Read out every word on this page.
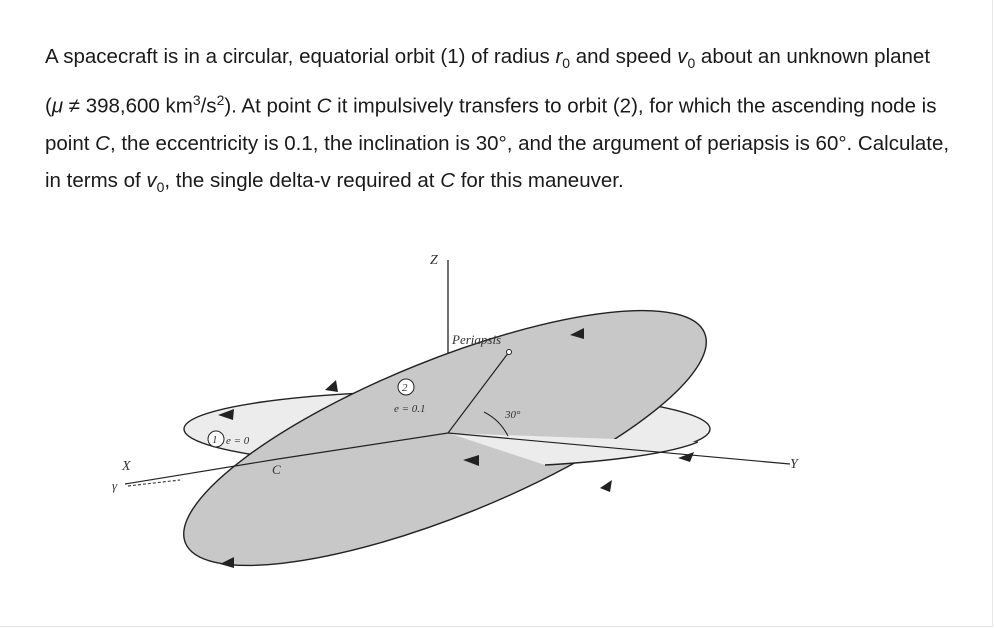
A spacecraft is in a circular, equatorial orbit (1) of radius $r_0$ and speed $v_0$ about an unknown planet (μ ≠ 398,600 $km^3/s^2$). At point C it impulsively transfers to orbit (2), for which the ascending node is point C, the eccentricity is 0.1, the inclination is 30°, and the argument of periapsis is 60°. Calculate, in terms of $v_0$, the single delta-v required at C for this maneuver.

Z
X	Y
γ
Periapsis
2
1
e = 0.1
e = 0
C
30°
